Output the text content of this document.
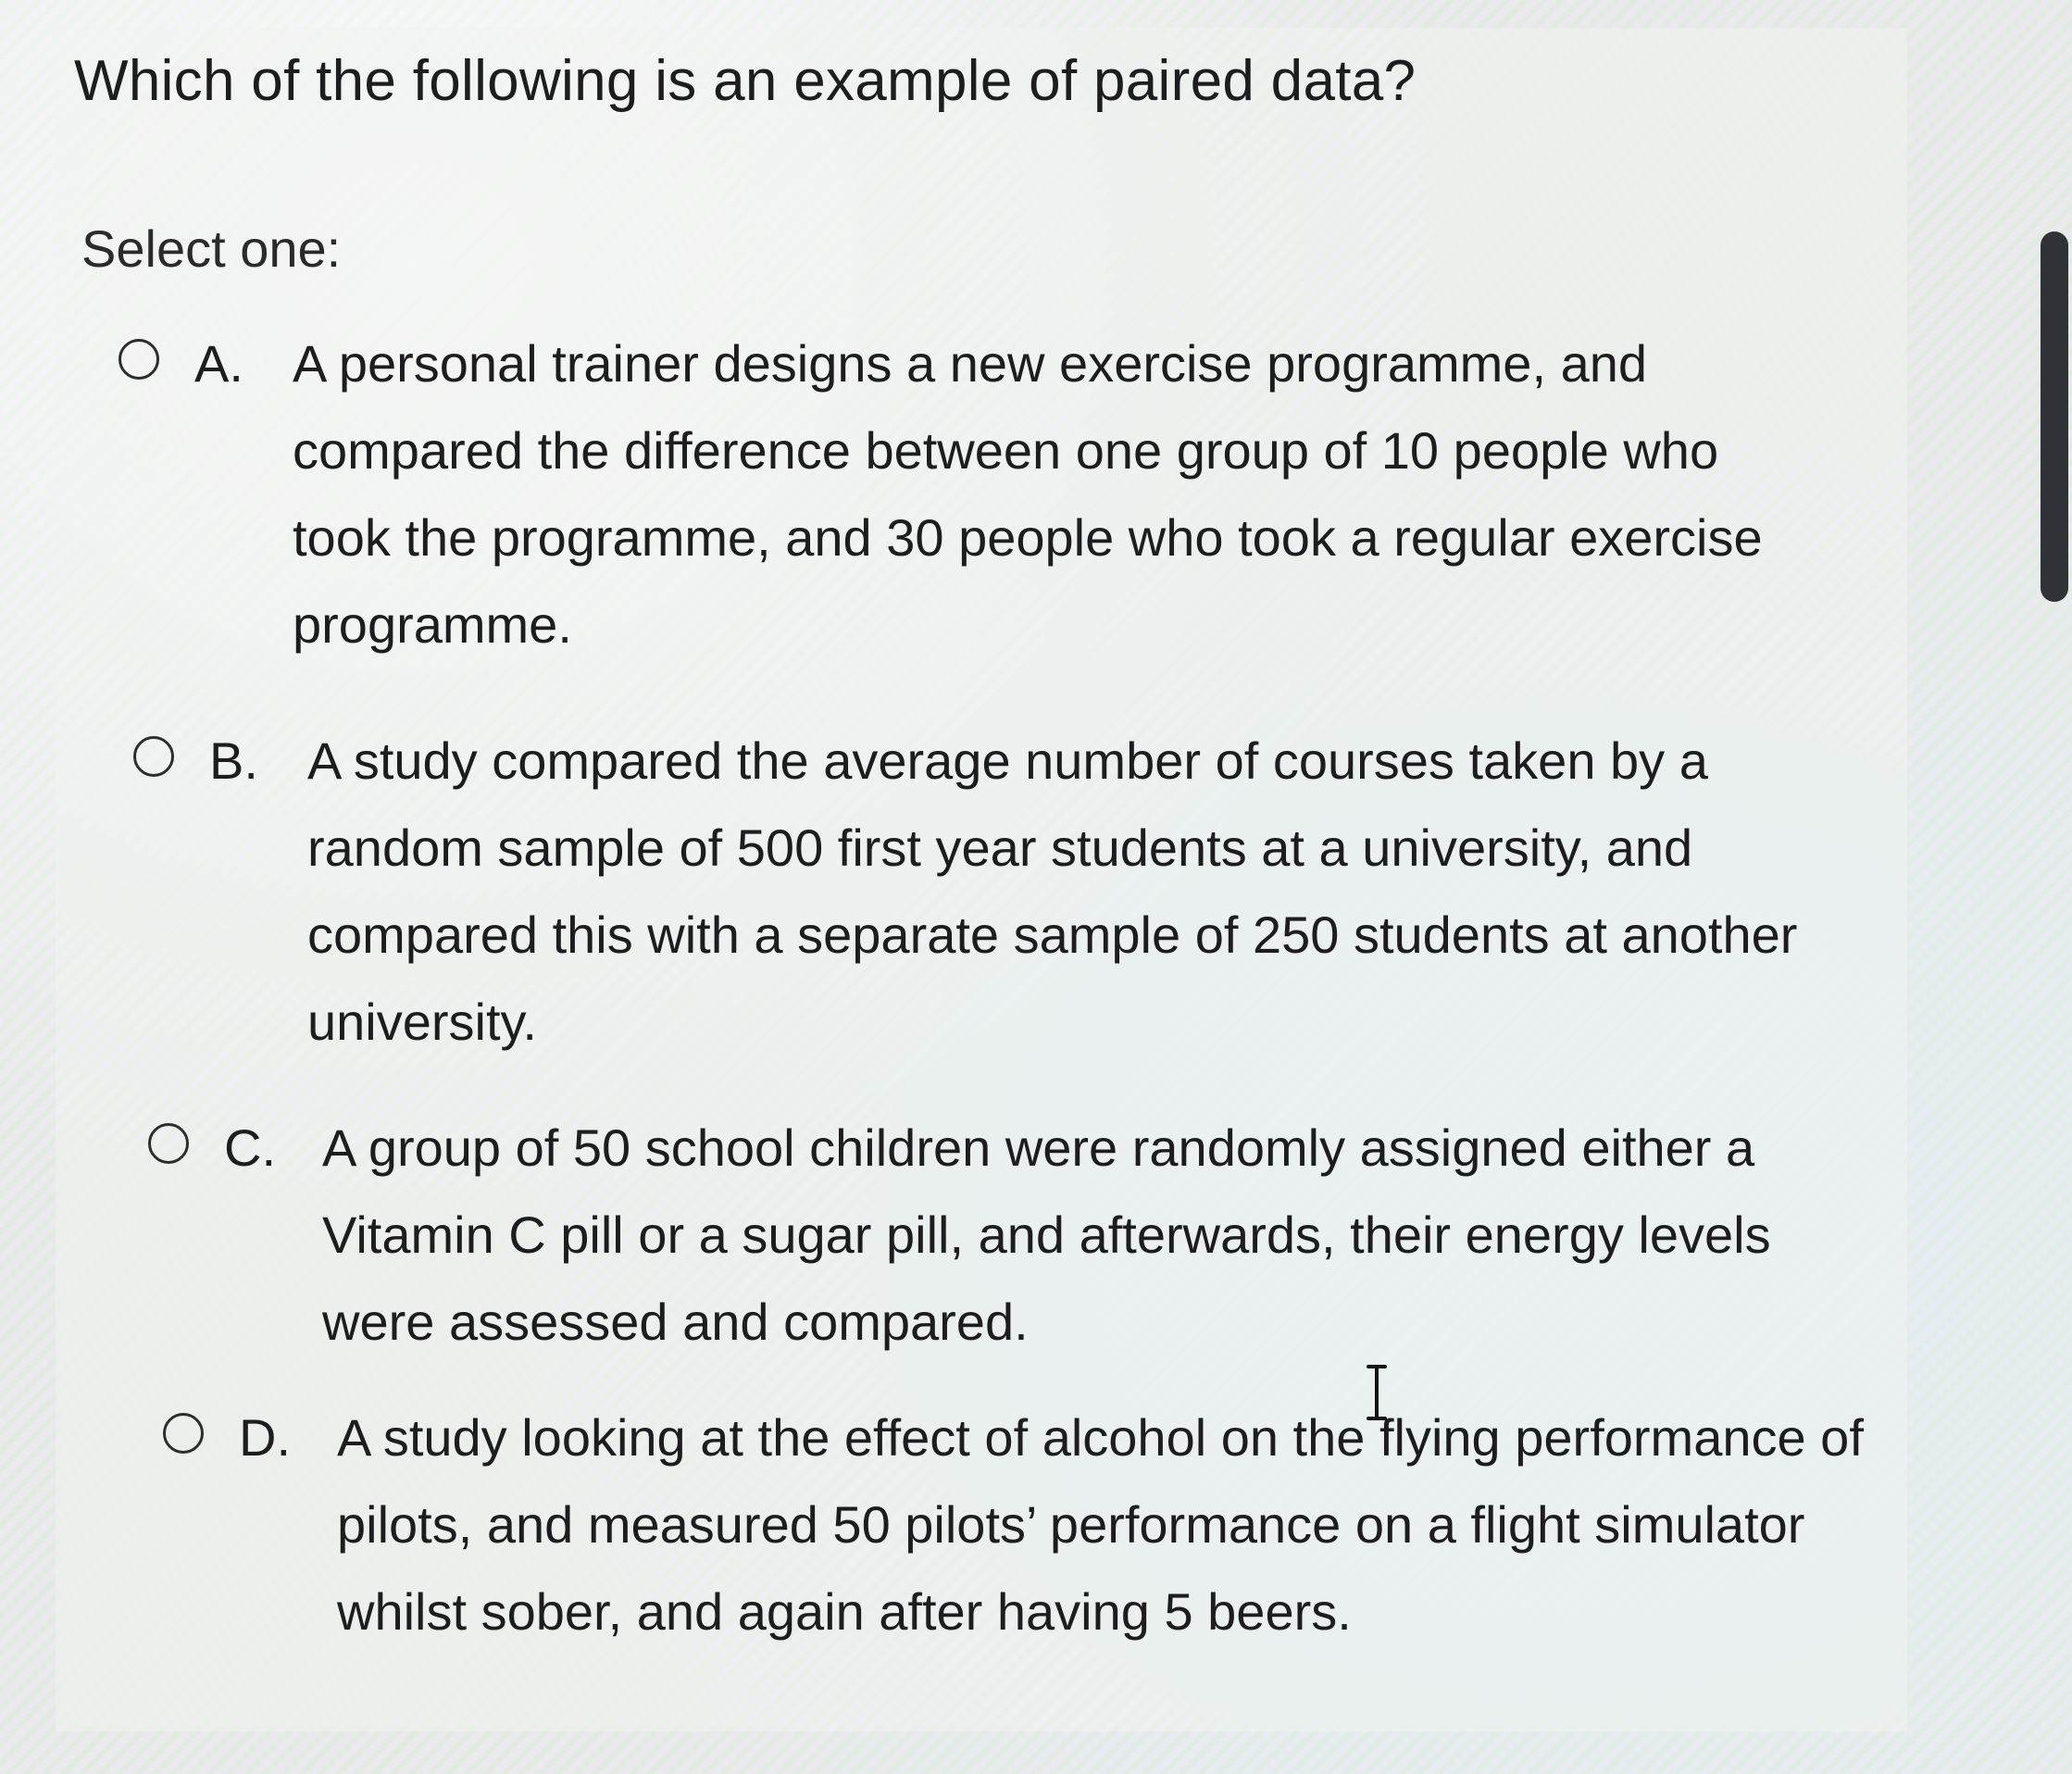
Which of the following is an example of paired data?
Select one:
A. A personal trainer designs a new exercise programme, and compared the difference between one group of 10 people who took the programme, and 30 people who took a regular exercise programme.
B. A study compared the average number of courses taken by a random sample of 500 first year students at a university, and compared this with a separate sample of 250 students at another university.
C. A group of 50 school children were randomly assigned either a Vitamin C pill or a sugar pill, and afterwards, their energy levels were assessed and compared.
D. A study looking at the effect of alcohol on the flying performance of pilots, and measured 50 pilots’ performance on a flight simulator whilst sober, and again after having 5 beers.
